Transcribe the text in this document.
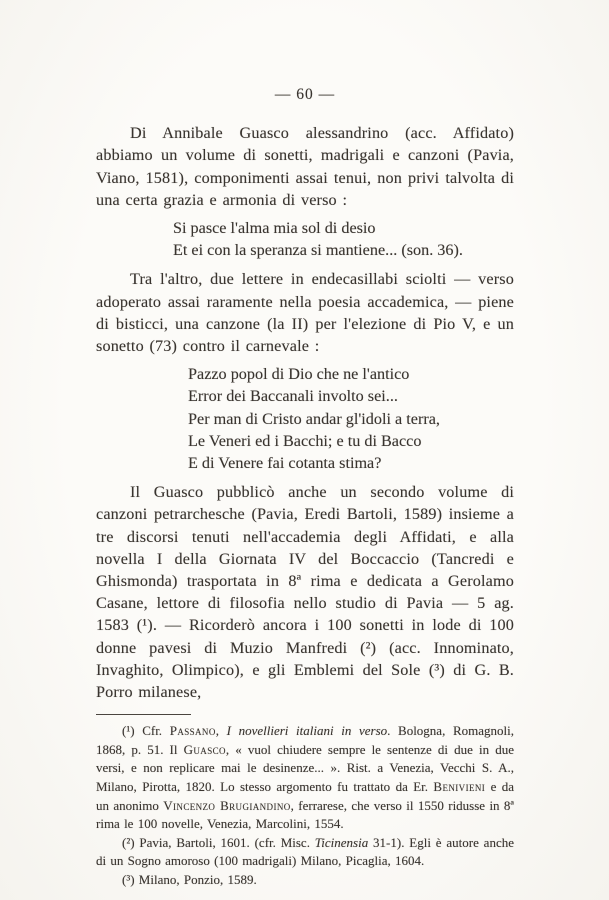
— 60 —

Di Annibale Guasco alessandrino (acc. Affidato) abbiamo un volume di sonetti, madrigali e canzoni (Pavia, Viano, 1581), componimenti assai tenui, non privi talvolta di una certa grazia e armonia di verso :

Si pasce l'alma mia sol di desio
Et ei con la speranza si mantiene... (son. 36).

Tra l'altro, due lettere in endecasillabi sciolti — verso adoperato assai raramente nella poesia accademica, — piene di bisticci, una canzone (la II) per l'elezione di Pio V, e un sonetto (73) contro il carnevale :

Pazzo popol di Dio che ne l'antico
Error dei Baccanali involto sei...
Per man di Cristo andar gl'idoli a terra,
Le Veneri ed i Bacchi; e tu di Bacco
E di Venere fai cotanta stima?

Il Guasco pubblicò anche un secondo volume di canzoni petrarchesche (Pavia, Eredi Bartoli, 1589) insieme a tre discorsi tenuti nell'accademia degli Affidati, e alla novella I della Giornata IV del Boccaccio (Tancredi e Ghismonda) trasportata in 8ª rima e dedicata a Gerolamo Casane, lettore di filosofia nello studio di Pavia — 5 ag. 1583 (¹). — Ricorderò ancora i 100 sonetti in lode di 100 donne pavesi di Muzio Manfredi (²) (acc. Innominato, Invaghito, Olimpico), e gli Emblemi del Sole (³) di G. B. Porro milanese,

(¹) Cfr. Passano, I novellieri italiani in verso. Bologna, Romagnoli, 1868, p. 51. Il Guasco, « vuol chiudere sempre le sentenze di due in due versi, e non replicare mai le desinenze... ». Rist. a Venezia, Vecchi S. A., Milano, Pirotta, 1820. Lo stesso argomento fu trattato da Er. Benivieni e da un anonimo Vincenzo Brugiandino, ferrarese, che verso il 1550 ridusse in 8ª rima le 100 novelle, Venezia, Marcolini, 1554.

(²) Pavia, Bartoli, 1601. (cfr. Misc. Ticinensia 31-1). Egli è autore anche di un Sogno amoroso (100 madrigali) Milano, Picaglia, 1604.

(³) Milano, Ponzio, 1589.
